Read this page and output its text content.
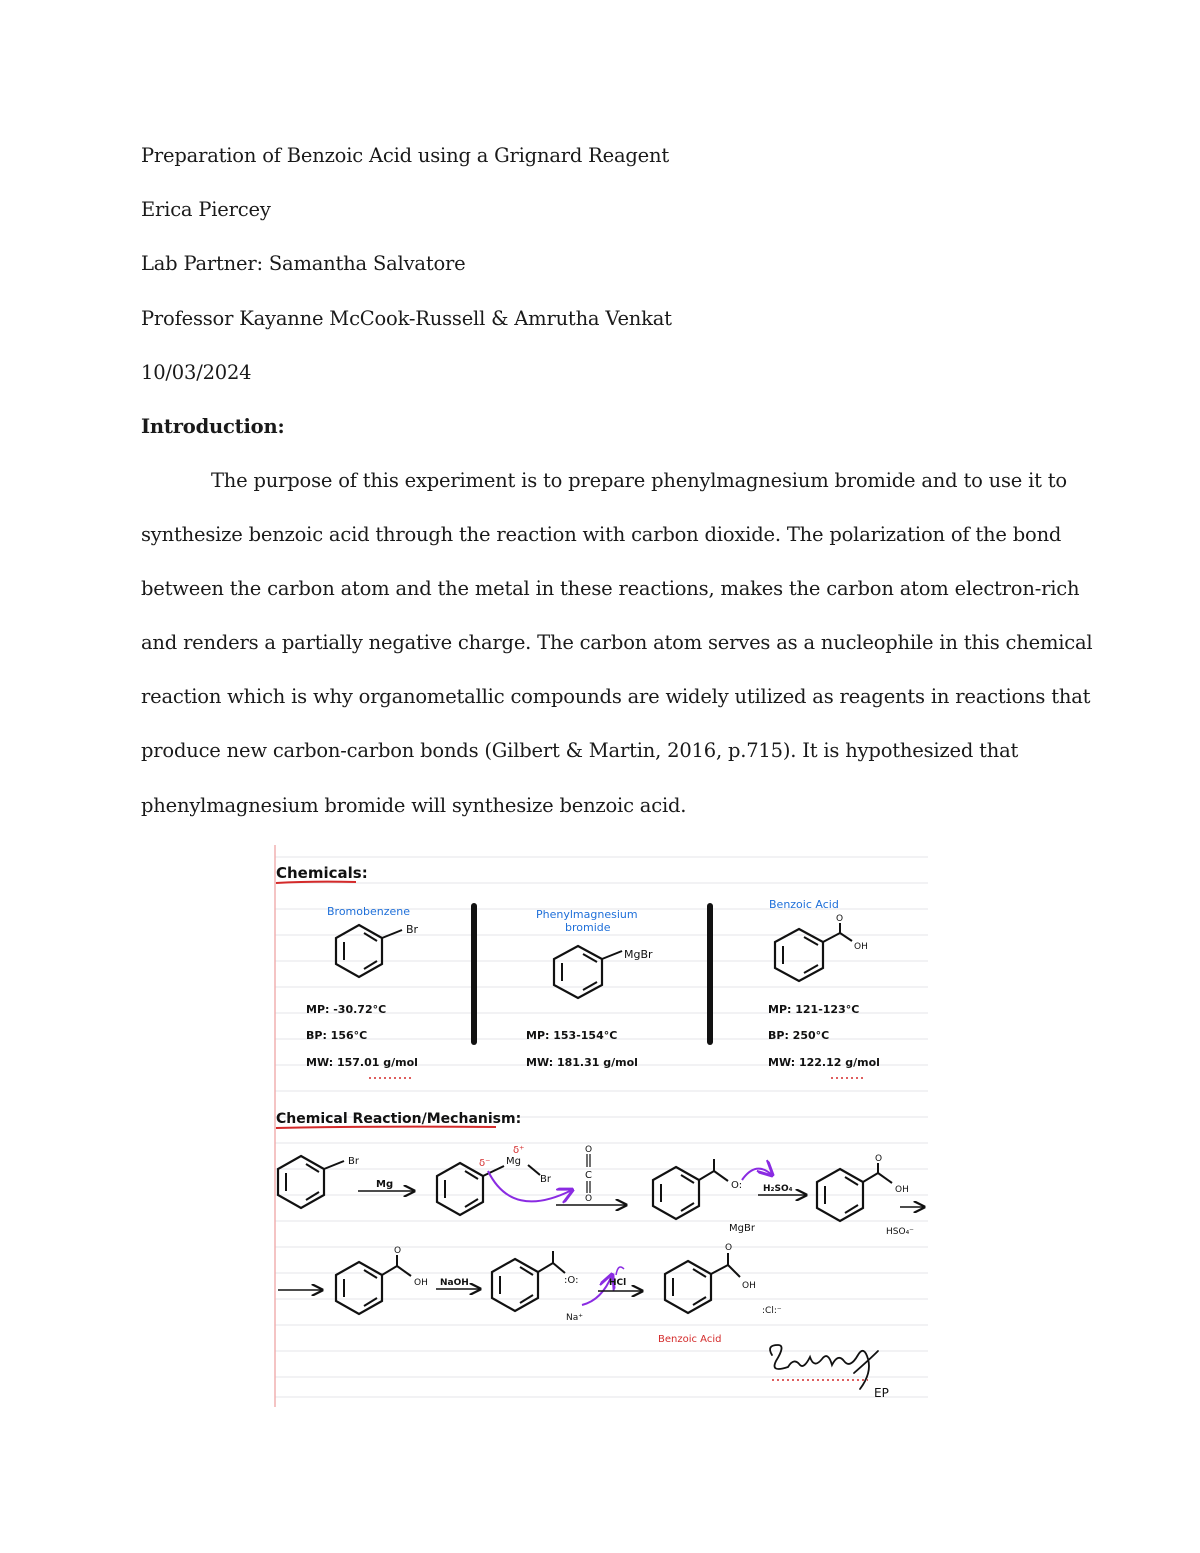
Preparation of Benzoic Acid using a Grignard Reagent
Erica Piercey
Lab Partner: Samantha Salvatore
Professor Kayanne McCook-Russell & Amrutha Venkat
10/03/2024
Introduction:
The purpose of this experiment is to prepare phenylmagnesium bromide and to use it to
synthesize benzoic acid through the reaction with carbon dioxide. The polarization of the bond
between the carbon atom and the metal in these reactions, makes the carbon atom electron-rich
and renders a partially negative charge. The carbon atom serves as a nucleophile in this chemical
reaction which is why organometallic compounds are widely utilized as reagents in reactions that
produce new carbon-carbon bonds (Gilbert & Martin, 2016, p.715). It is hypothesized that
phenylmagnesium bromide will synthesize benzoic acid.
Chemicals:
Bromobenzene
Br
MP: -30.72°C
BP: 156°C
MW: 157.01 g/mol
Phenylmagnesium
bromide
MgBr
MP: 153-154°C
MW: 181.31 g/mol
Benzoic Acid
O
OH
MP: 121-123°C
BP: 250°C
MW: 122.12 g/mol
Chemical Reaction/Mechanism:
Br
Mg
δ⁻ Mg
δ⁺
Br
O
C
O
O:
MgBr
H₂SO₄
O
OH
HSO₄⁻
O
OH NaOH	:O:
Na⁺
HCl
O
OH
:Cl:⁻
Benzoic Acid
EP
